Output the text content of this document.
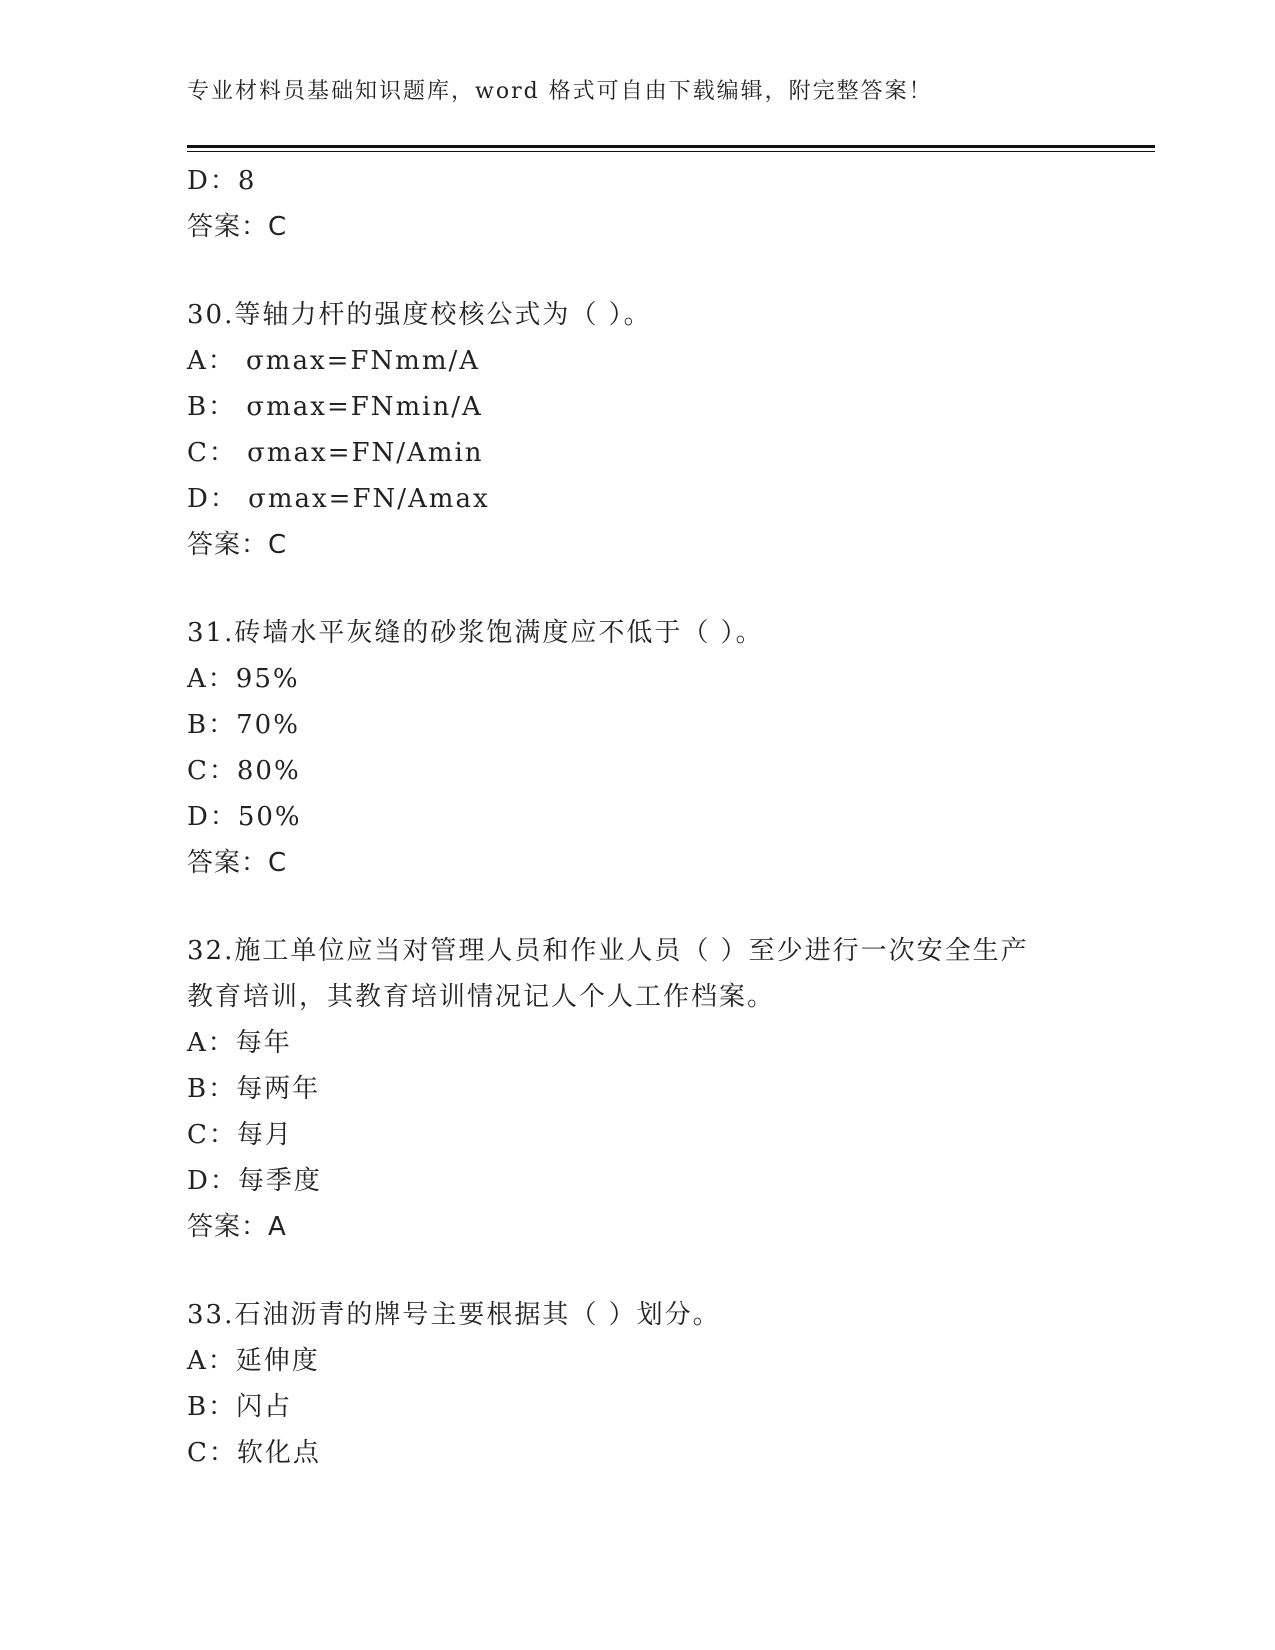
专业材料员基础知识题库，word 格式可自由下载编辑，附完整答案！
D：8
答案：C
30.等轴力杆的强度校核公式为（ ）。
A： σmax=FNmm/A
B： σmax=FNmin/A
C： σmax=FN/Amin
D： σmax=FN/Amax
答案：C
31.砖墙水平灰缝的砂浆饱满度应不低于（ ）。
A：95%
B：70%
C：80%
D：50%
答案：C
32.施工单位应当对管理人员和作业人员（ ）至少进行一次安全生产
教育培训，其教育培训情况记人个人工作档案。
A：每年
B：每两年
C：每月
D：每季度
答案：A
33.石油沥青的牌号主要根据其（ ）划分。
A：延伸度
B：闪占
C：软化点
